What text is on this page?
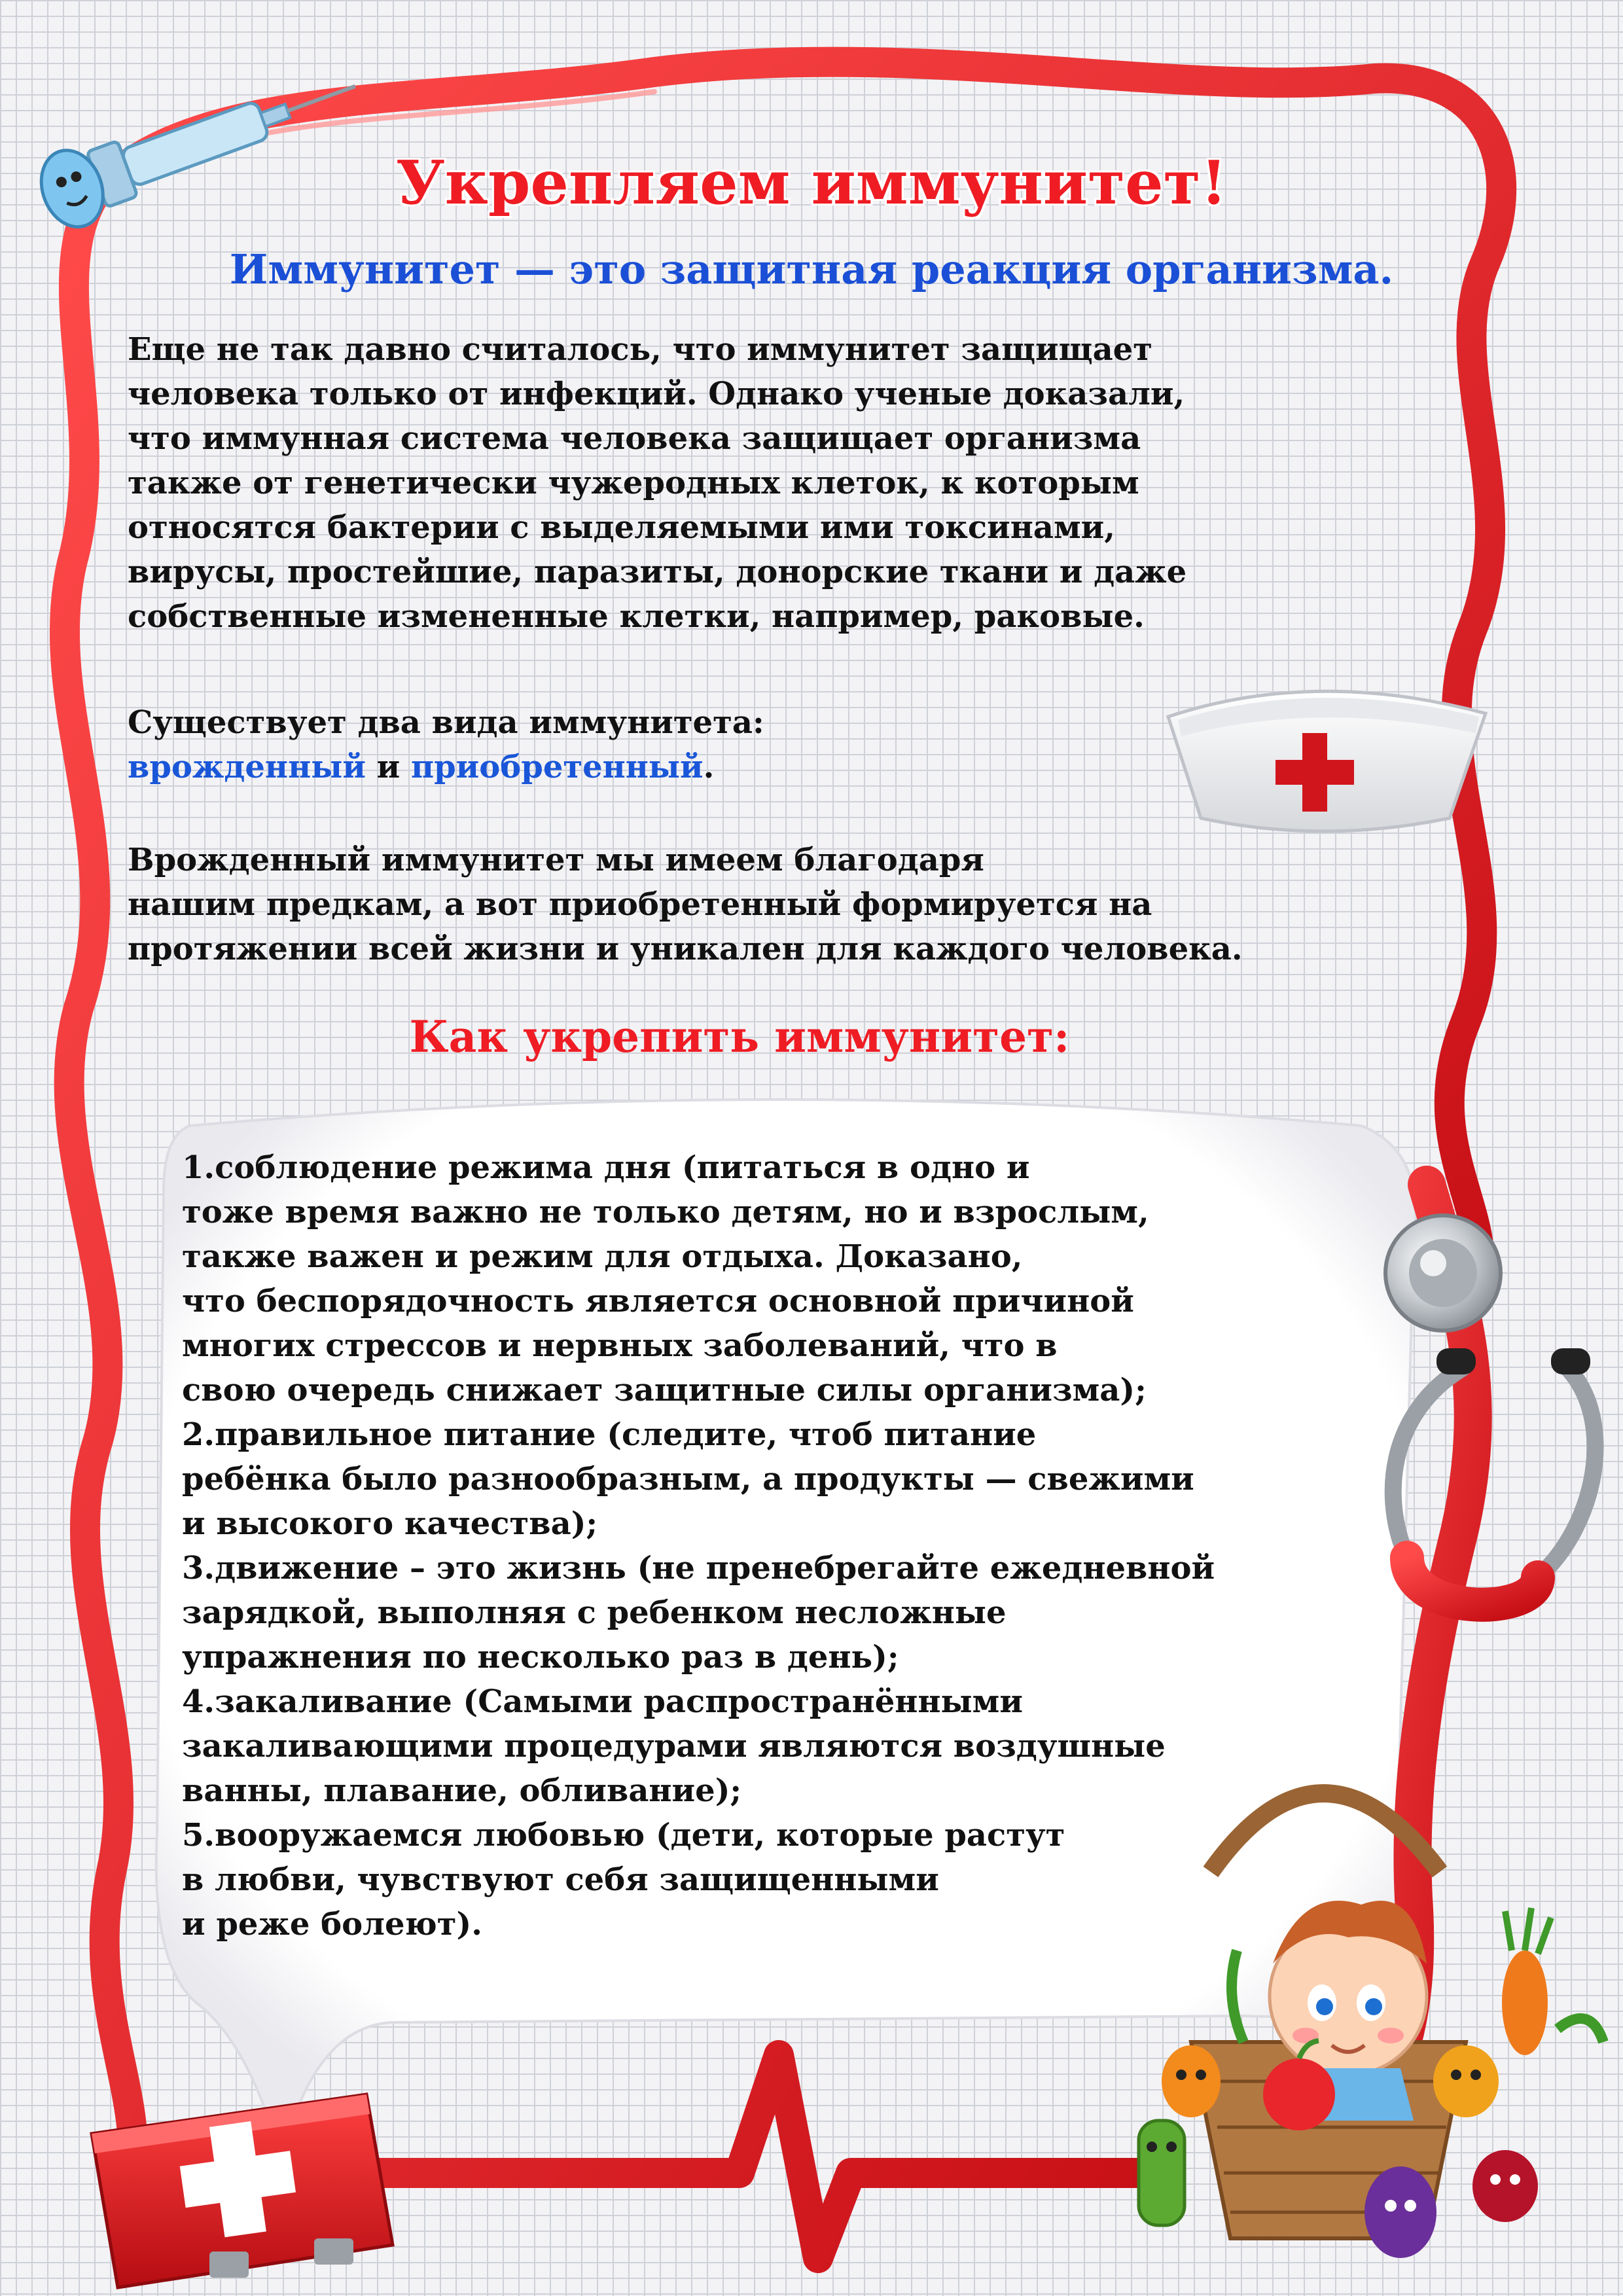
Укрепляем иммунитет!
Иммунитет — это защитная реакция организма.

Еще не так давно считалось, что иммунитет защищает
человека только от инфекций. Однако ученые доказали,
что иммунная система человека защищает организма
также от генетически чужеродных клеток, к которым
относятся бактерии с выделяемыми ими токсинами,
вирусы, простейшие, паразиты, донорские ткани и даже
собственные измененные клетки, например, раковые.

Существует два вида иммунитета:
врожденный и приобретенный.

Врожденный иммунитет мы имеем благодаря
нашим предкам, а вот приобретенный формируется на
протяжении всей жизни и уникален для каждого человека.

Как укрепить иммунитет:
1.соблюдение режима дня (питаться в одно и
тоже время важно не только детям, но и взрослым,
также важен и режим для отдыха. Доказано,
что беспорядочность является основной причиной
многих стрессов и нервных заболеваний, что в
свою очередь снижает защитные силы организма);
2.правильное питание (следите, чтоб питание
ребёнка было разнообразным, а продукты — свежими
и высокого качества);
3.движение – это жизнь (не пренебрегайте ежедневной
зарядкой, выполняя с ребенком несложные
упражнения по несколько раз в день);
4.закаливание (Самыми распространёнными
закаливающими процедурами являются воздушные
ванны, плавание, обливание);
5.вооружаемся любовью (дети, которые растут
в любви, чувствуют себя защищенными
и реже болеют).
